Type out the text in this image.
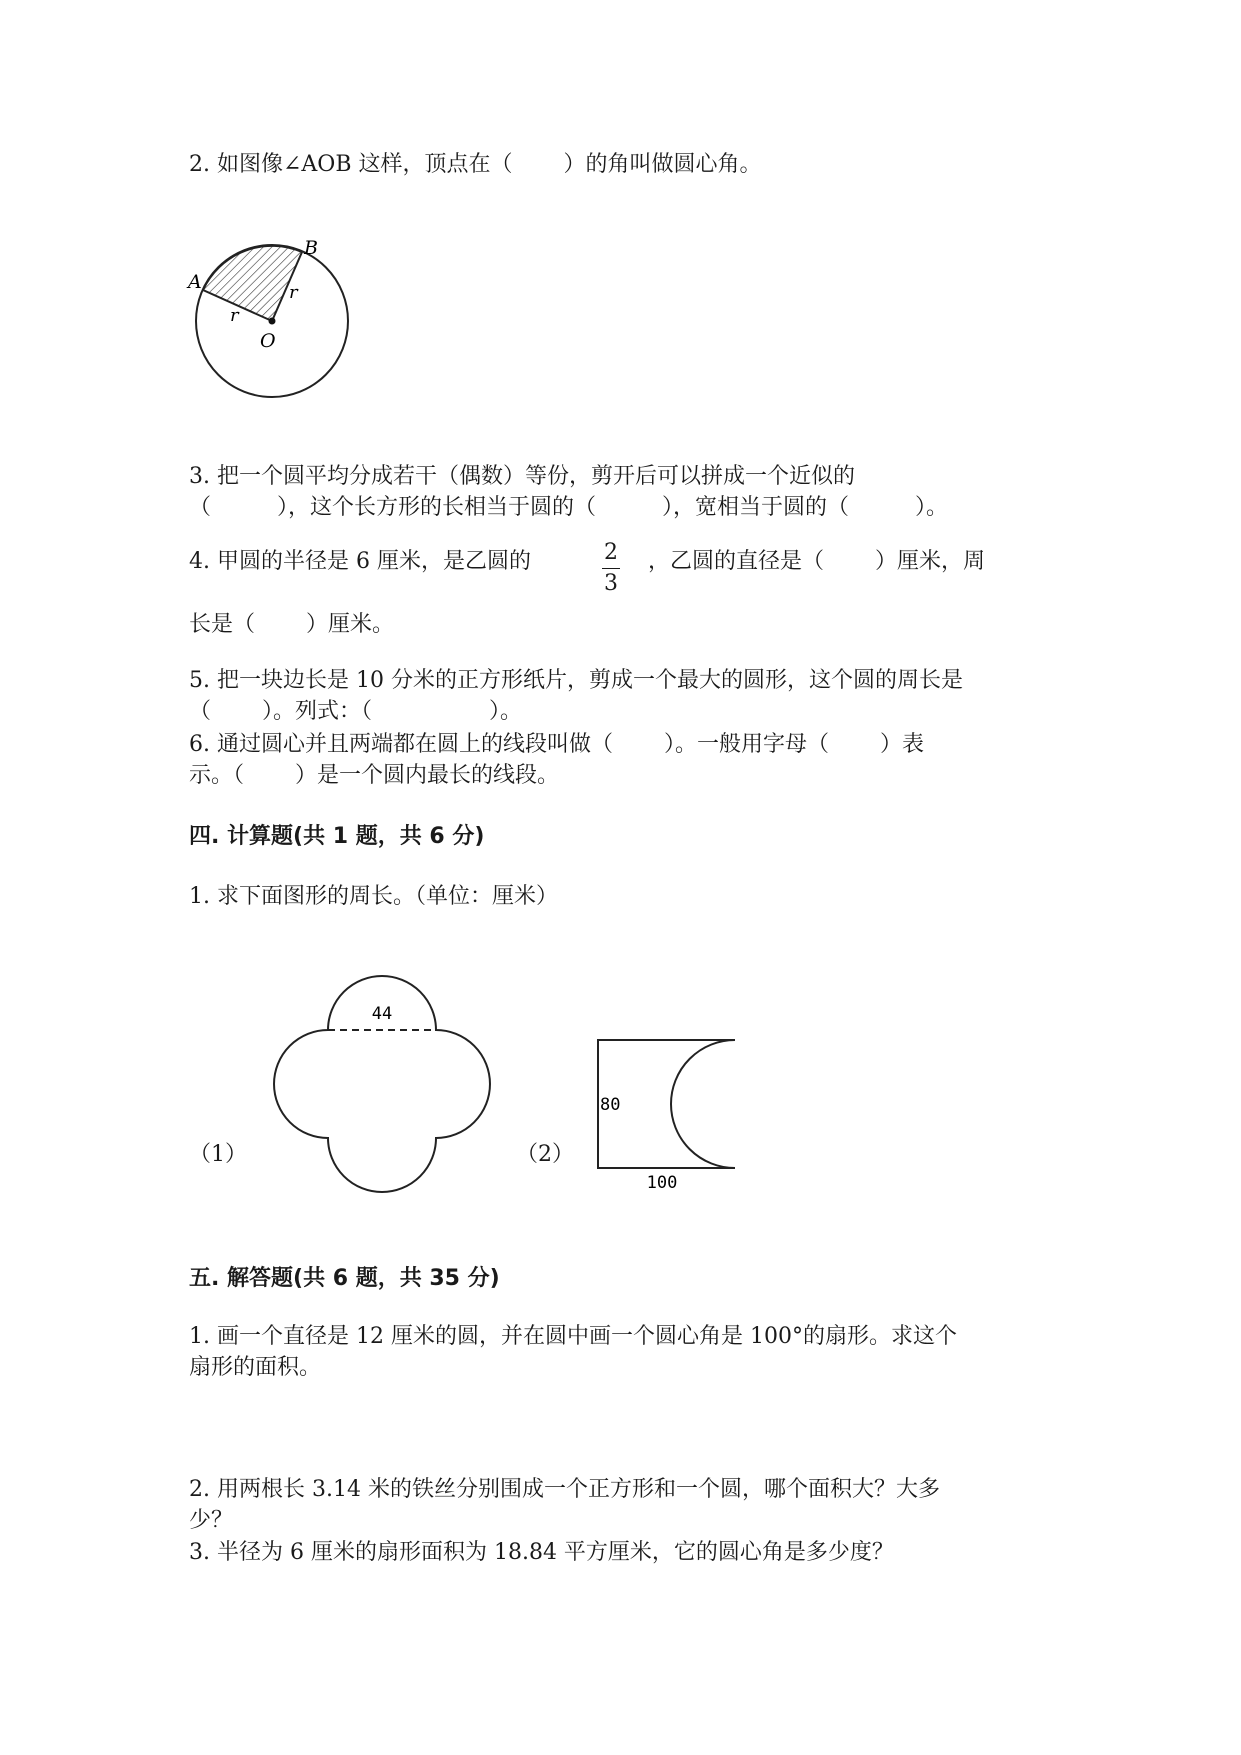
2. 如图像∠AOB 这样，顶点在（　　 ）的角叫做圆心角。

A
B
O
r
r

3. 把一个圆平均分成若干（偶数）等份，剪开后可以拼成一个近似的

（　　　），这个长方形的长相当于圆的（　　　），宽相当于圆的（　　　）。

4. 甲圆的半径是 6 厘米，是乙圆的	2
3

，乙圆的直径是（　　 ）厘米，周

长是（　　 ）厘米。

5. 把一块边长是 10 分米的正方形纸片，剪成一个最大的圆形，这个圆的周长是

（　　 ）。列式：（　　　　　 ）。

6. 通过圆心并且两端都在圆上的线段叫做（　　 ）。一般用字母（　　 ）表

示。（　　 ）是一个圆内最长的线段。

四. 计算题(共 1 题，共 6 分)

1. 求下面图形的周长。（单位：厘米）

（1）
44
（2）
80
100

五. 解答题(共 6 题，共 35 分)

1. 画一个直径是 12 厘米的圆，并在圆中画一个圆心角是 100°的扇形。求这个

扇形的面积。

2. 用两根长 3.14 米的铁丝分别围成一个正方形和一个圆，哪个面积大？大多

少？

3. 半径为 6 厘米的扇形面积为 18.84 平方厘米，它的圆心角是多少度？
